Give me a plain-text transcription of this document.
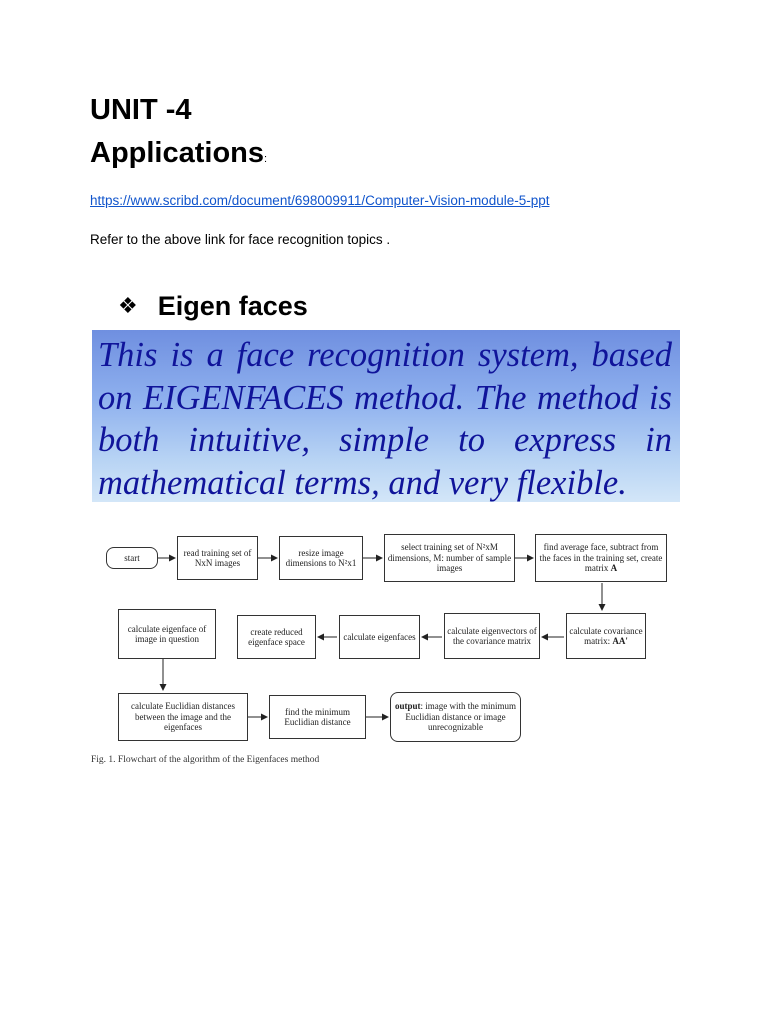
UNIT -4
Applications:
https://www.scribd.com/document/698009911/Computer-Vision-module-5-ppt
Refer to the above link for face recognition topics .
❖ Eigen faces

This is a face recognition system, based on EIGENFACES method. The method is both intuitive, simple to express in mathematical terms, and very flexible.

start
read training set of NxN images
resize image dimensions to N²x1
select training set of N²xM dimensions, M: number of sample images
find average face, subtract from the faces in the training set, create matrix A
calculate covariance matrix: AA'
calculate eigenvectors of the covariance matrix
calculate eigenfaces
create reduced eigenface space
calculate eigenface of image in question
calculate Euclidian distances between the image and the eigenfaces
find the minimum Euclidian distance
output: image with the minimum Euclidian distance or image unrecognizable
Fig. 1. Flowchart of the algorithm of the Eigenfaces method
